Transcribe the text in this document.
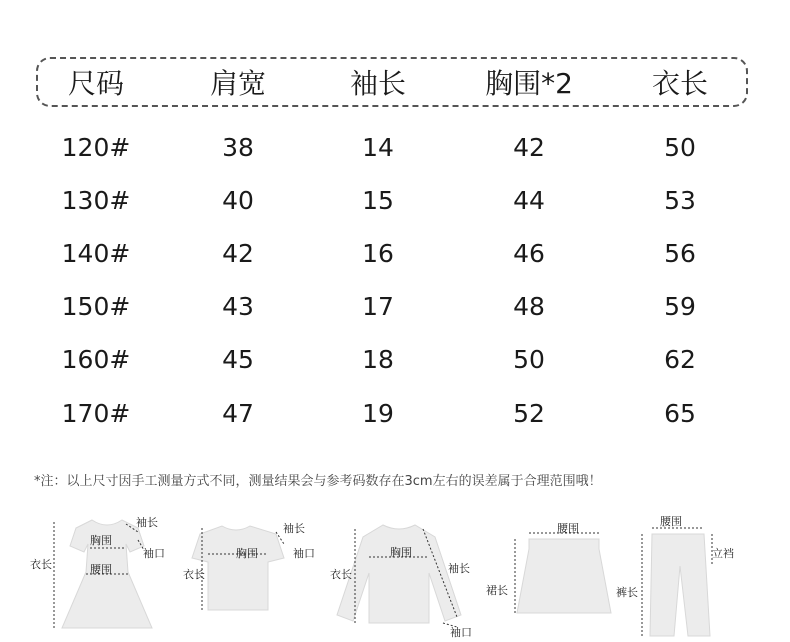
尺码	肩宽	袖长	胸围*2	衣长
120#	38	14	42	50
130#	40	15	44	53
140#	42	16	46	56
150#	43	17	48	59
160#	45	18	50	62
170#	47	19	52	65
*注：以上尺寸因手工测量方式不同，测量结果会与参考码数存在3cm左右的误差属于合理范围哦！
袖长
胸围
袖口
衣长	腰围
袖长
胸围	袖口
衣长
胸围
衣长	袖长
袖口
腰围
裙长
腰围
立裆
裤长
